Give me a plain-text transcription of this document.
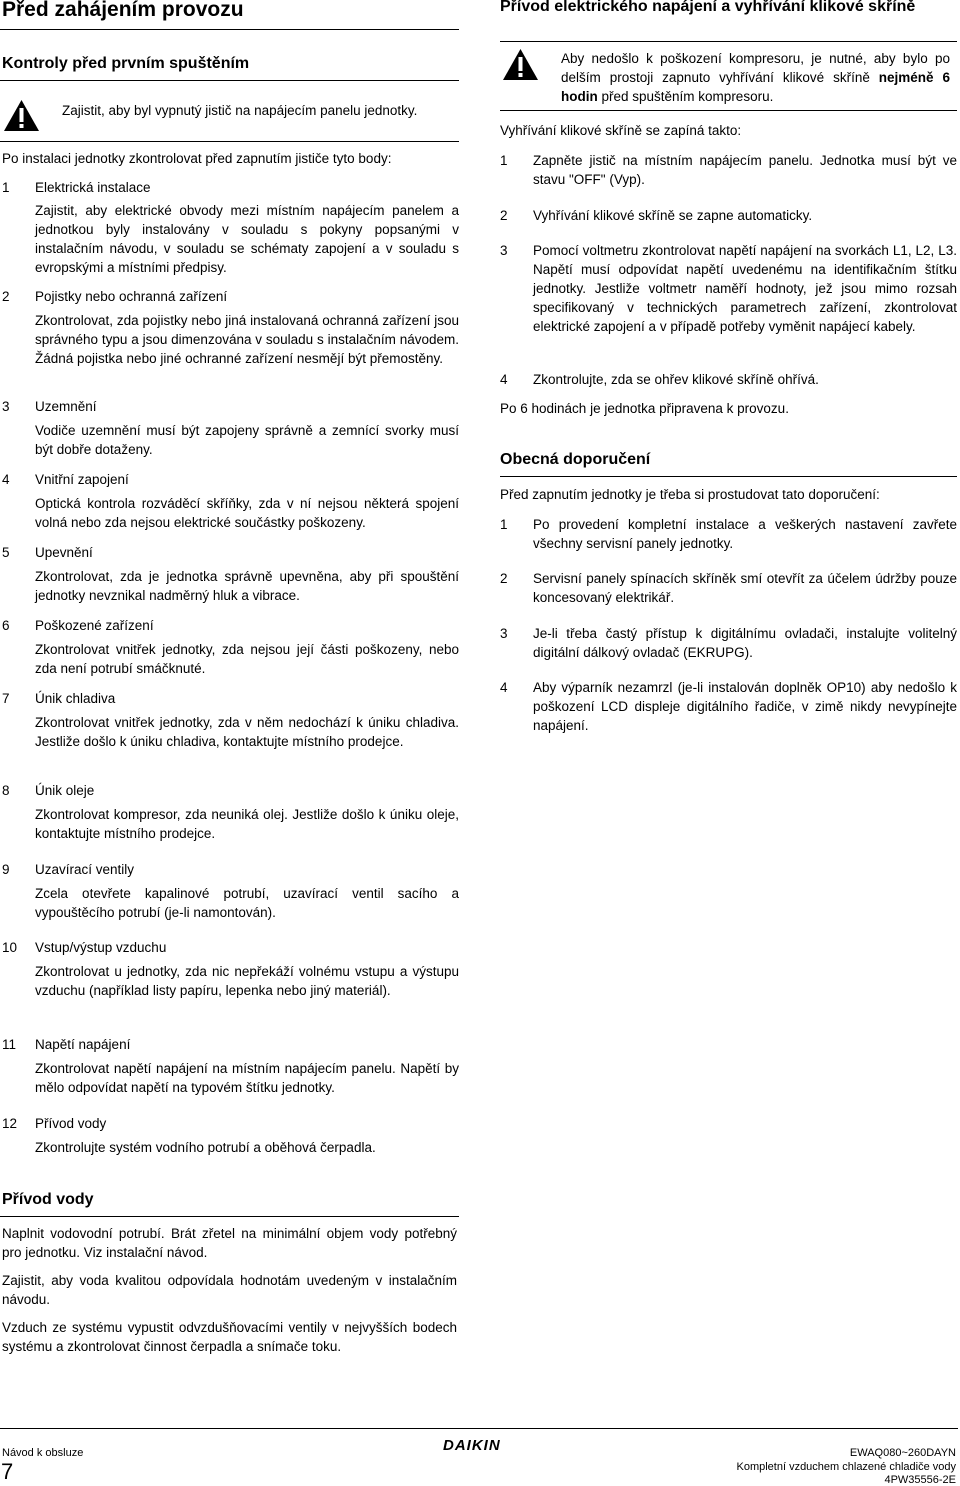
Před zahájením provozu
Kontroly před prvním spuštěním
Zajistit, aby byl vypnutý jistič na napájecím panelu jednotky.
Po instalaci jednotky zkontrolovat před zapnutím jističe tyto body:
1 Elektrická instalace
Zajistit, aby elektrické obvody mezi místním napájecím panelem a jednotkou byly instalovány v souladu s pokyny popsanými v instalačním návodu, v souladu se schématy zapojení a v souladu s evropskými a místními předpisy.
2 Pojistky nebo ochranná zařízení
Zkontrolovat, zda pojistky nebo jiná instalovaná ochranná zařízení jsou správného typu a jsou dimenzována v souladu s instalačním návodem. Žádná pojistka nebo jiné ochranné zařízení nesmějí být přemostěny.
3 Uzemnění
Vodiče uzemnění musí být zapojeny správně a zemnící svorky musí být dobře dotaženy.
4 Vnitřní zapojení
Optická kontrola rozváděcí skříňky, zda v ní nejsou některá spojení volná nebo zda nejsou elektrické součástky poškozeny.
5 Upevnění
Zkontrolovat, zda je jednotka správně upevněna, aby při spouštění jednotky nevznikal nadměrný hluk a vibrace.
6 Poškozené zařízení
Zkontrolovat vnitřek jednotky, zda nejsou její části poškozeny, nebo zda není potrubí smáčknuté.
7 Únik chladiva
Zkontrolovat vnitřek jednotky, zda v něm nedochází k úniku chladiva. Jestliže došlo k úniku chladiva, kontaktujte místního prodejce.
8 Únik oleje
Zkontrolovat kompresor, zda neuniká olej. Jestliže došlo k úniku oleje, kontaktujte místního prodejce.
9 Uzavírací ventily
Zcela otevřete kapalinové potrubí, uzavírací ventil sacího a vypouštěcího potrubí (je-li namontován).
10 Vstup/výstup vzduchu
Zkontrolovat u jednotky, zda nic nepřekáží volnému vstupu a výstupu vzduchu (například listy papíru, lepenka nebo jiný materiál).
11 Napětí napájení
Zkontrolovat napětí napájení na místním napájecím panelu. Napětí by mělo odpovídat napětí na typovém štítku jednotky.
12 Přívod vody
Zkontrolujte systém vodního potrubí a oběhová čerpadla.
Přívod vody
Naplnit vodovodní potrubí. Brát zřetel na minimální objem vody potřebný pro jednotku. Viz instalační návod.
Zajistit, aby voda kvalitou odpovídala hodnotám uvedeným v instalačním návodu.
Vzduch ze systému vypustit odvzdušňovacími ventily v nejvyšších bodech systému a zkontrolovat činnost čerpadla a snímače toku.
Přívod elektrického napájení a vyhřívání klikové skříně
Aby nedošlo k poškození kompresoru, je nutné, aby bylo po delším prostoji zapnuto vyhřívání klikové skříně nejméně 6 hodin před spuštěním kompresoru.
Vyhřívání klikové skříně se zapíná takto:
1 Zapněte jistič na místním napájecím panelu. Jednotka musí být ve stavu "OFF" (Vyp).
2 Vyhřívání klikové skříně se zapne automaticky.
3 Pomocí voltmetru zkontrolovat napětí napájení na svorkách L1, L2, L3. Napětí musí odpovídat napětí uvedenému na identifikačním štítku jednotky. Jestliže voltmetr naměří hodnoty, jež jsou mimo rozsah specifikovaný v technických parametrech zařízení, zkontrolovat elektrické zapojení a v případě potřeby vyměnit napájecí kabely.
4 Zkontrolujte, zda se ohřev klikové skříně ohřívá.
Po 6 hodinách je jednotka připravena k provozu.
Obecná doporučení
Před zapnutím jednotky je třeba si prostudovat tato doporučení:
1 Po provedení kompletní instalace a veškerých nastavení zavřete všechny servisní panely jednotky.
2 Servisní panely spínacích skříněk smí otevřít za účelem údržby pouze koncesovaný elektrikář.
3 Je-li třeba častý přístup k digitálnímu ovladači, instalujte volitelný digitální dálkový ovladač (EKRUPG).
4 Aby výparník nezamrzl (je-li instalován doplněk OP10) aby nedošlo k poškození LCD displeje digitálního řadiče, v zimě nikdy nevypínejte napájení.
Návod k obsluze
7
DAIKIN	EWAQ080~260DAYN
Kompletní vzduchem chlazené chladiče vody
4PW35556-2E
